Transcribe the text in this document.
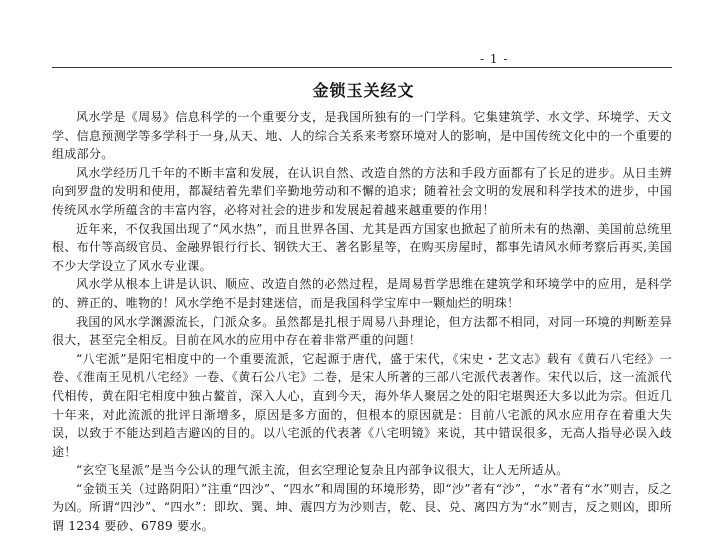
- 1 -
金锁玉关经文

风水学是《周易》信息科学的一个重要分支，是我国所独有的一门学科。它集建筑学、水文学、环境学、天文学、信息预测学等多学科于一身,从天、地、人的综合关系来考察环境对人的影响，是中国传统文化中的一个重要的组成部分。

风水学经历几千年的不断丰富和发展，在认识自然、改造自然的方法和手段方面都有了长足的进步。从日圭辨向到罗盘的发明和使用，都凝结着先辈们辛勤地劳动和不懈的追求；随着社会文明的发展和科学技术的进步，中国传统风水学所蕴含的丰富内容，必将对社会的进步和发展起着越来越重要的作用！

近年来，不仅我国出现了“风水热”，而且世界各国、尤其是西方国家也掀起了前所未有的热潮、美国前总统里根、布什等高级官员、金融界银行行长、钢铁大王、著名影星等，在购买房屋时，都事先请风水师考察后再买,美国不少大学设立了风水专业课。

风水学从根本上讲是认识、顺应、改造自然的必然过程，是周易哲学思维在建筑学和环境学中的应用，是科学的、辨正的、唯物的！风水学绝不是封建迷信，而是我国科学宝库中一颗灿烂的明珠！

我国的风水学渊源流长，门派众多。虽然都是扎根于周易八卦理论，但方法都不相同，对同一环境的判断差异很大，甚至完全相反。目前在风水的应用中存在着非常严重的问题！

“八宅派”是阳宅相度中的一个重要流派，它起源于唐代，盛于宋代，《宋史・艺文志》载有《黄石八宅经》一卷、《淮南王见机八宅经》一卷、《黄石公八宅》二卷，是宋人所著的三部八宅派代表著作。宋代以后，这一流派代代相传，黄在阳宅相度中独占鳌首，深入人心，直到今天，海外华人聚居之处的阳宅堪舆还大多以此为宗。但近几十年来，对此流派的批评日渐增多，原因是多方面的，但根本的原因就是：目前八宅派的风水应用存在着重大失误，以致于不能达到趋吉避凶的目的。以八宅派的代表著《八宅明镜》来说，其中错误很多，无高人指导必误入歧途！

“玄空飞星派”是当今公认的理气派主流，但玄空理论复杂且内部争议很大，让人无所适从。

“金锁玉关（过路阴阳）”注重“四沙”、“四水”和周围的环境形势，即“沙”者有“沙”，“水”者有“水”则吉，反之为凶。所谓“四沙”、“四水”：即坎、巽、坤、震四方为沙则吉，乾、艮、兑、离四方为“水”则吉，反之则凶，即所谓 1234 要砂、6789 要水。
